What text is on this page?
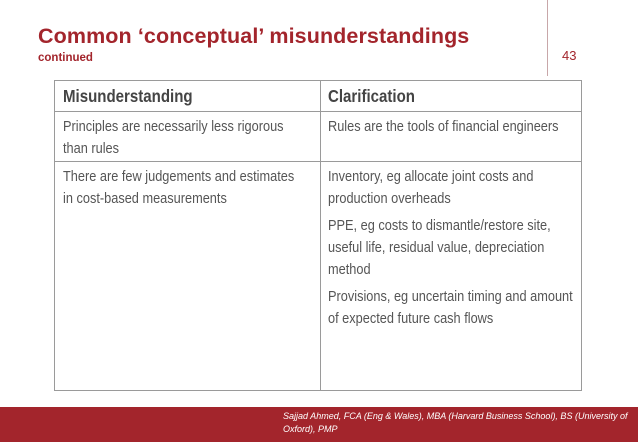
Common ‘conceptual’ misunderstandings
continued	43
Misunderstanding	Clarification
Principles are necessarily less rigorous than rules

Rules are the tools of financial engineers

There are few judgements and estimates in cost-based measurements

Inventory, eg allocate joint costs and production overheads

PPE, eg costs to dismantle/restore site, useful life, residual value, depreciation method

Provisions, eg uncertain timing and amount of expected future cash flows

Sajjad Ahmed, FCA (Eng & Wales), MBA (Harvard Business School), BS (University of Oxford), PMP
